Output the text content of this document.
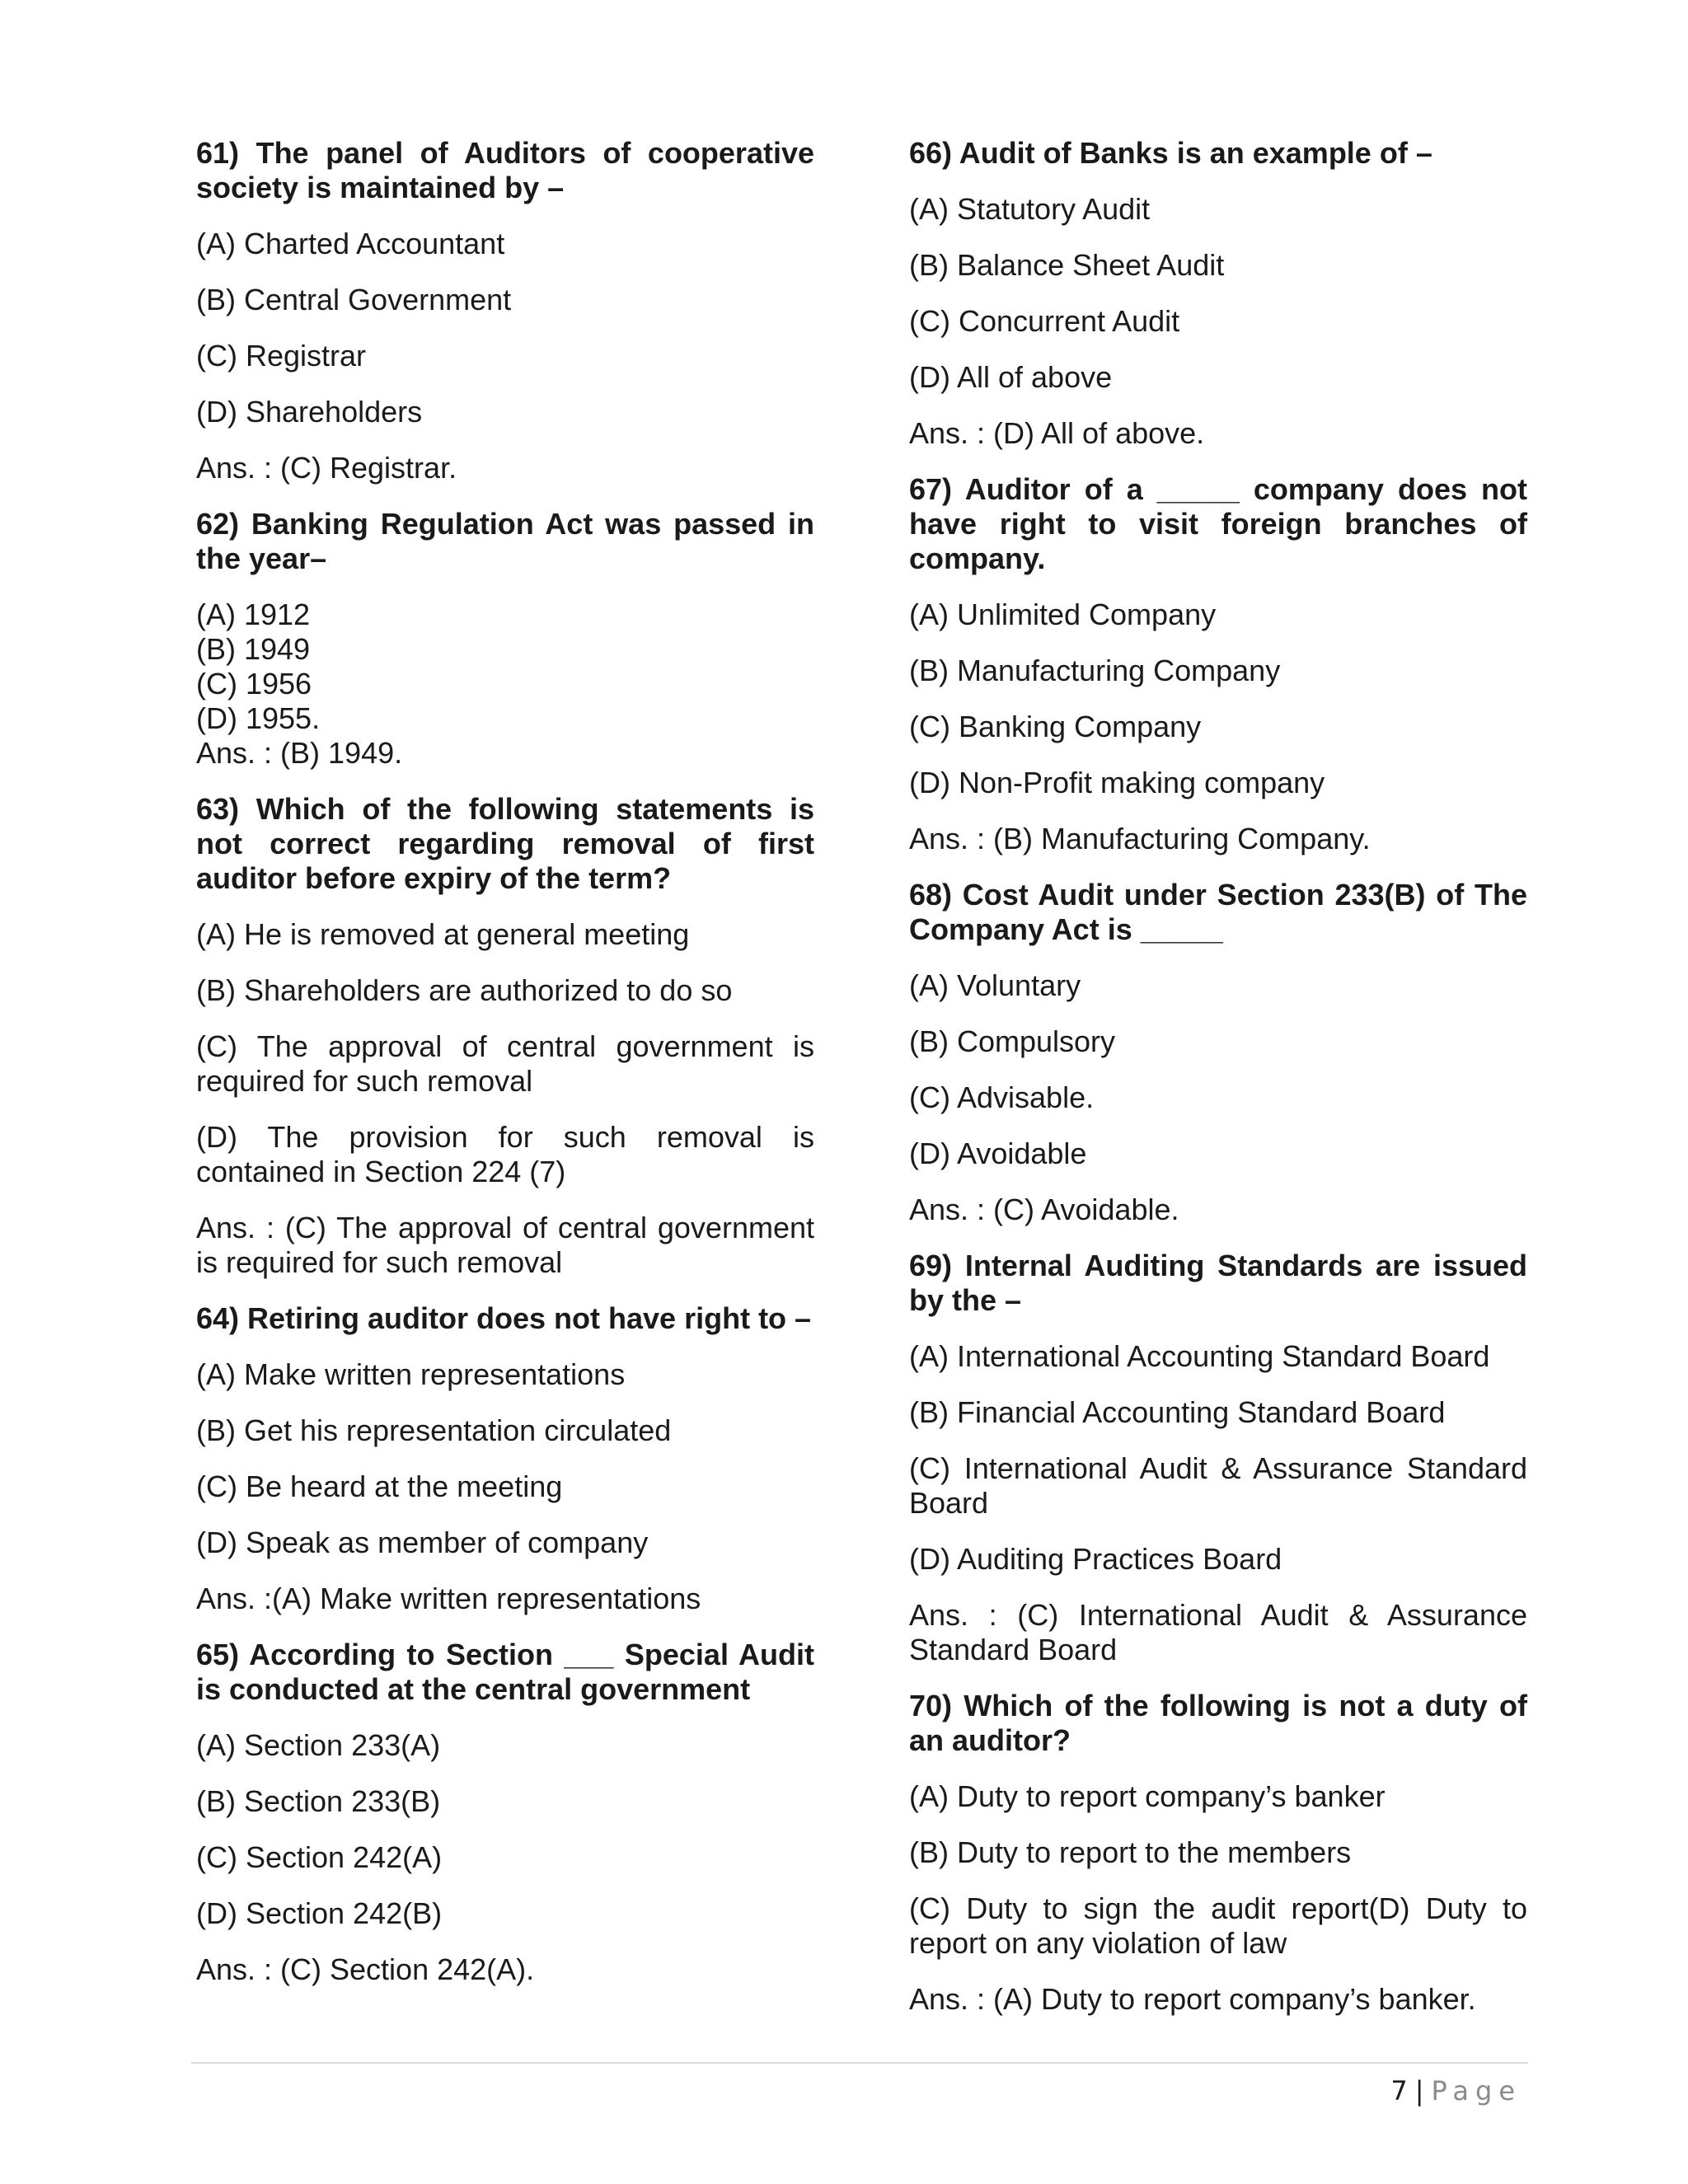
61) The panel of Auditors of cooperative society is maintained by –

(A) Charted Accountant

(B) Central Government

(C) Registrar

(D) Shareholders

Ans. : (C) Registrar.

62) Banking Regulation Act was passed in the year–

(A) 1912

(B) 1949

(C) 1956

(D) 1955.

Ans. : (B) 1949.

63) Which of the following statements is not correct regarding removal of first auditor before expiry of the term?

(A) He is removed at general meeting

(B) Shareholders are authorized to do so

(C) The approval of central government is required for such removal

(D) The provision for such removal is contained in Section 224 (7)

Ans. : (C) The approval of central government is required for such removal

64) Retiring auditor does not have right to –

(A) Make written representations

(B) Get his representation circulated

(C) Be heard at the meeting

(D) Speak as member of company

Ans. :(A) Make written representations

65) According to Section ___ Special Audit is conducted at the central government

(A) Section 233(A)

(B) Section 233(B)

(C) Section 242(A)

(D) Section 242(B)

Ans. : (C) Section 242(A).

66) Audit of Banks is an example of –

(A) Statutory Audit

(B) Balance Sheet Audit

(C) Concurrent Audit

(D) All of above

Ans. : (D) All of above.

67) Auditor of a _____ company does not have right to visit foreign branches of company.

(A) Unlimited Company

(B) Manufacturing Company

(C) Banking Company

(D) Non-Profit making company

Ans. : (B) Manufacturing Company.

68) Cost Audit under Section 233(B) of The Company Act is _____

(A) Voluntary

(B) Compulsory

(C) Advisable.

(D) Avoidable

Ans. : (C) Avoidable.

69) Internal Auditing Standards are issued by the –

(A) International Accounting Standard Board

(B) Financial Accounting Standard Board

(C) International Audit & Assurance Standard Board

(D) Auditing Practices Board

Ans. : (C) International Audit & Assurance Standard Board

70) Which of the following is not a duty of an auditor?

(A) Duty to report company’s banker

(B) Duty to report to the members

(C) Duty to sign the audit report(D) Duty to report on any violation of law

Ans. : (A) Duty to report company’s banker.

7 | Page
